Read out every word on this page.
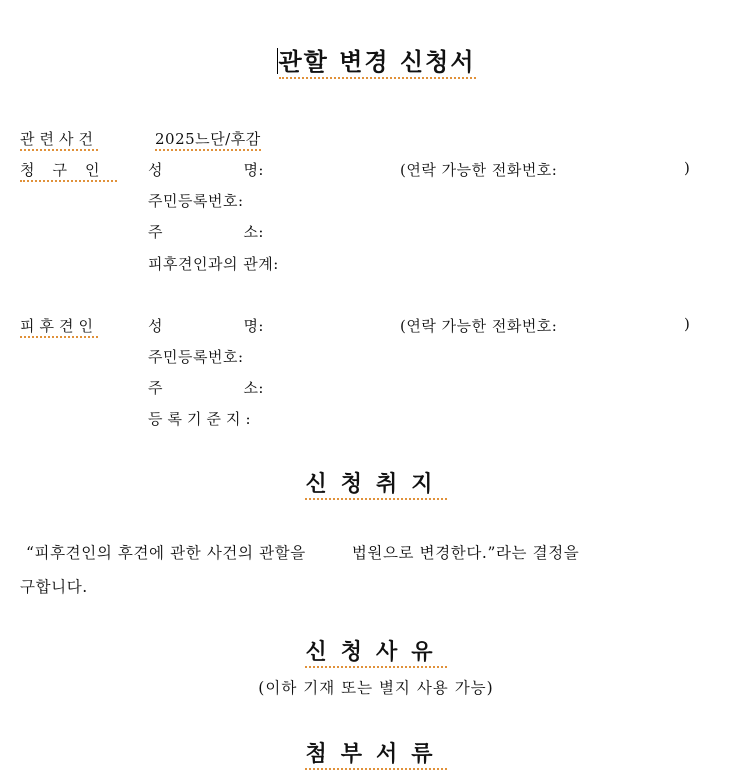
관할 변경 신청서
관련사건	2025느단/후감
청구인 성 명:	(연락 가능한 전화번호:	)
주민등록번호:
주 소:
피후견인과의 관계:
피후견인	성 명:	(연락 가능한 전화번호:	)
주민등록번호:
주 소:
등록기준지:
신청취지
“피후견인의 후견에 관한 사건의 관할을	법원으로 변경한다.”라는 결정을
구합니다.
신청사유
(이하 기재 또는 별지 사용 가능)
첨부서류
